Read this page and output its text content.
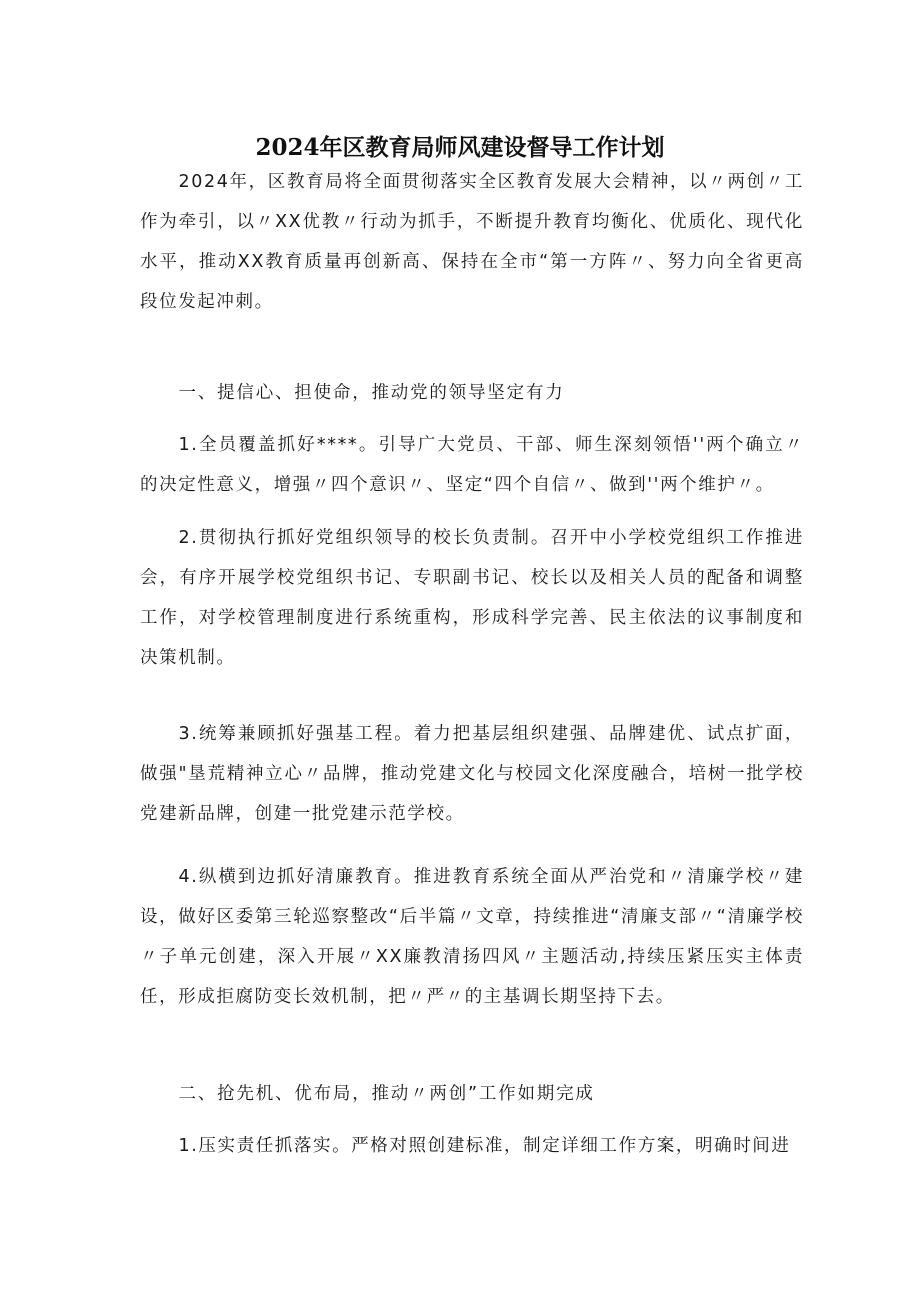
2024年区教育局师风建设督导工作计划

2024年，区教育局将全面贯彻落实全区教育发展大会精神，以〃两创〃工作为牵引，以〃XX优教〃行动为抓手，不断提升教育均衡化、优质化、现代化水平，推动XX教育质量再创新高、保持在全市“第一方阵〃、努力向全省更高段位发起冲刺。

一、提信心、担使命，推动党的领导坚定有力

1.全员覆盖抓好****。引导广大党员、干部、师生深刻领悟''两个确立〃的决定性意义，增强〃四个意识〃、坚定“四个自信〃、做到''两个维护〃。

2.贯彻执行抓好党组织领导的校长负责制。召开中小学校党组织工作推进会，有序开展学校党组织书记、专职副书记、校长以及相关人员的配备和调整工作，对学校管理制度进行系统重构，形成科学完善、民主依法的议事制度和决策机制。

3.统筹兼顾抓好强基工程。着力把基层组织建强、品牌建优、试点扩面，做强"垦荒精神立心〃品牌，推动党建文化与校园文化深度融合，培树一批学校党建新品牌，创建一批党建示范学校。

4.纵横到边抓好清廉教育。推进教育系统全面从严治党和〃清廉学校〃建设，做好区委第三轮巡察整改“后半篇〃文章，持续推进“清廉支部〃“清廉学校〃子单元创建，深入开展〃XX廉教清扬四风〃主题活动,持续压紧压实主体责任，形成拒腐防变长效机制，把〃严〃的主基调长期坚持下去。

二、抢先机、优布局，推动〃两创”工作如期完成

1.压实责任抓落实。严格对照创建标准，制定详细工作方案，明确时间进
